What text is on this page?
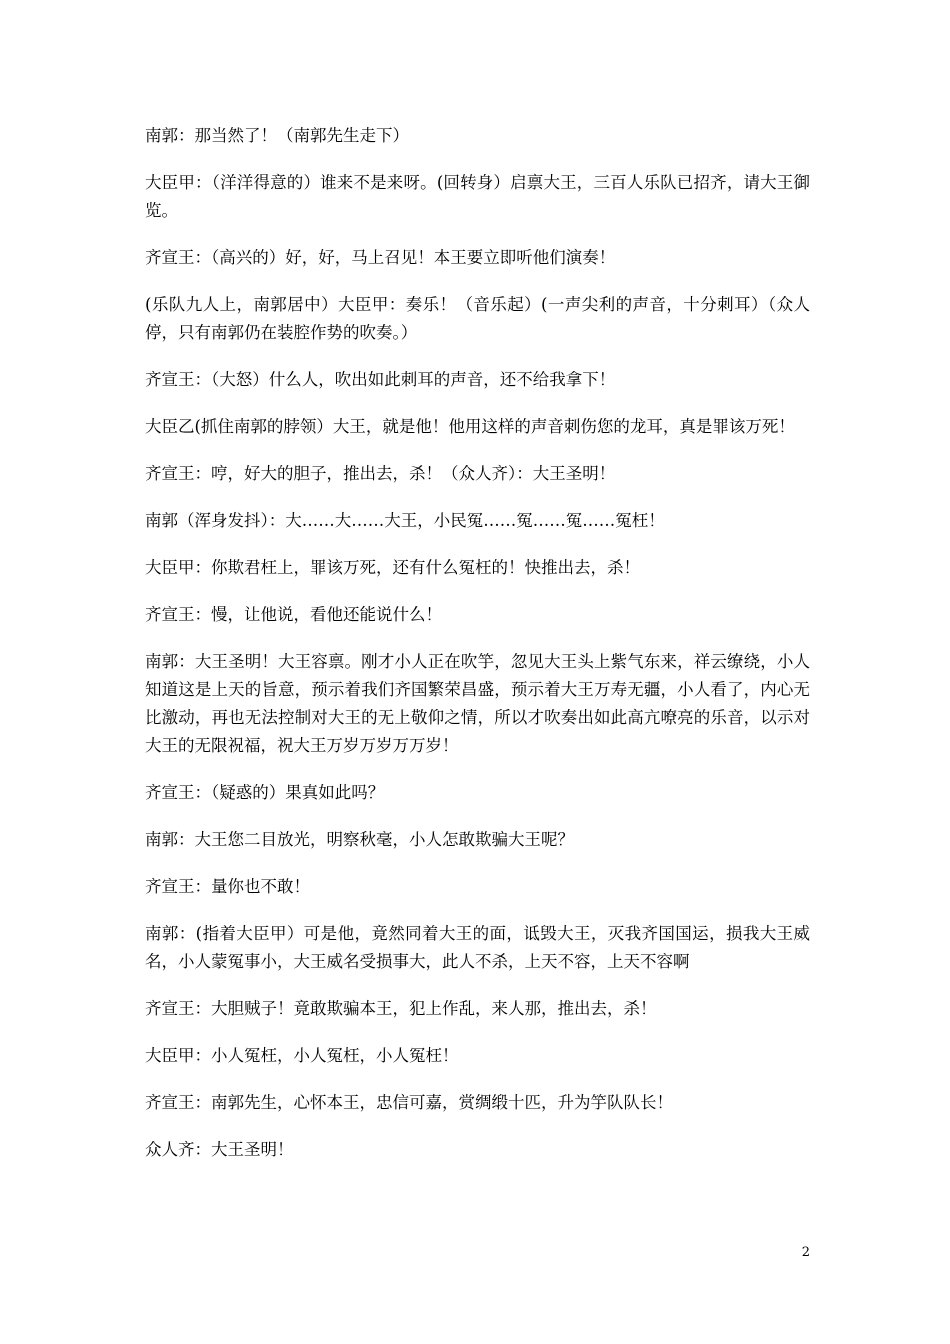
南郭：那当然了！（南郭先生走下）

大臣甲：（洋洋得意的）谁来不是来呀。(回转身）启禀大王，三百人乐队已招齐，请大王御览。

齐宣王：（高兴的）好，好，马上召见！本王要立即听他们演奏！

(乐队九人上，南郭居中）大臣甲：奏乐！（音乐起）(一声尖利的声音，十分刺耳）（众人停，只有南郭仍在装腔作势的吹奏。）

齐宣王：（大怒）什么人，吹出如此刺耳的声音，还不给我拿下！

大臣乙(抓住南郭的脖领）大王，就是他！他用这样的声音刺伤您的龙耳，真是罪该万死！

齐宣王：哼，好大的胆子，推出去，杀！（众人齐）：大王圣明！

南郭（浑身发抖）：大……大……大王，小民冤……冤……冤……冤枉！

大臣甲：你欺君枉上，罪该万死，还有什么冤枉的！快推出去，杀！

齐宣王：慢，让他说，看他还能说什么！

南郭：大王圣明！大王容禀。刚才小人正在吹竽，忽见大王头上紫气东来，祥云缭绕，小人知道这是上天的旨意，预示着我们齐国繁荣昌盛，预示着大王万寿无疆，小人看了，内心无比激动，再也无法控制对大王的无上敬仰之情，所以才吹奏出如此高亢嘹亮的乐音，以示对大王的无限祝福，祝大王万岁万岁万万岁！

齐宣王：（疑惑的）果真如此吗？

南郭：大王您二目放光，明察秋毫，小人怎敢欺骗大王呢？

齐宣王：量你也不敢！

南郭：(指着大臣甲）可是他，竟然同着大王的面，诋毁大王，灭我齐国国运，损我大王威名，小人蒙冤事小，大王威名受损事大，此人不杀，上天不容，上天不容啊

齐宣王：大胆贼子！竟敢欺骗本王，犯上作乱，来人那，推出去，杀！

大臣甲：小人冤枉，小人冤枉，小人冤枉！

齐宣王：南郭先生，心怀本王，忠信可嘉，赏绸缎十匹，升为竽队队长！

众人齐：大王圣明！

2
